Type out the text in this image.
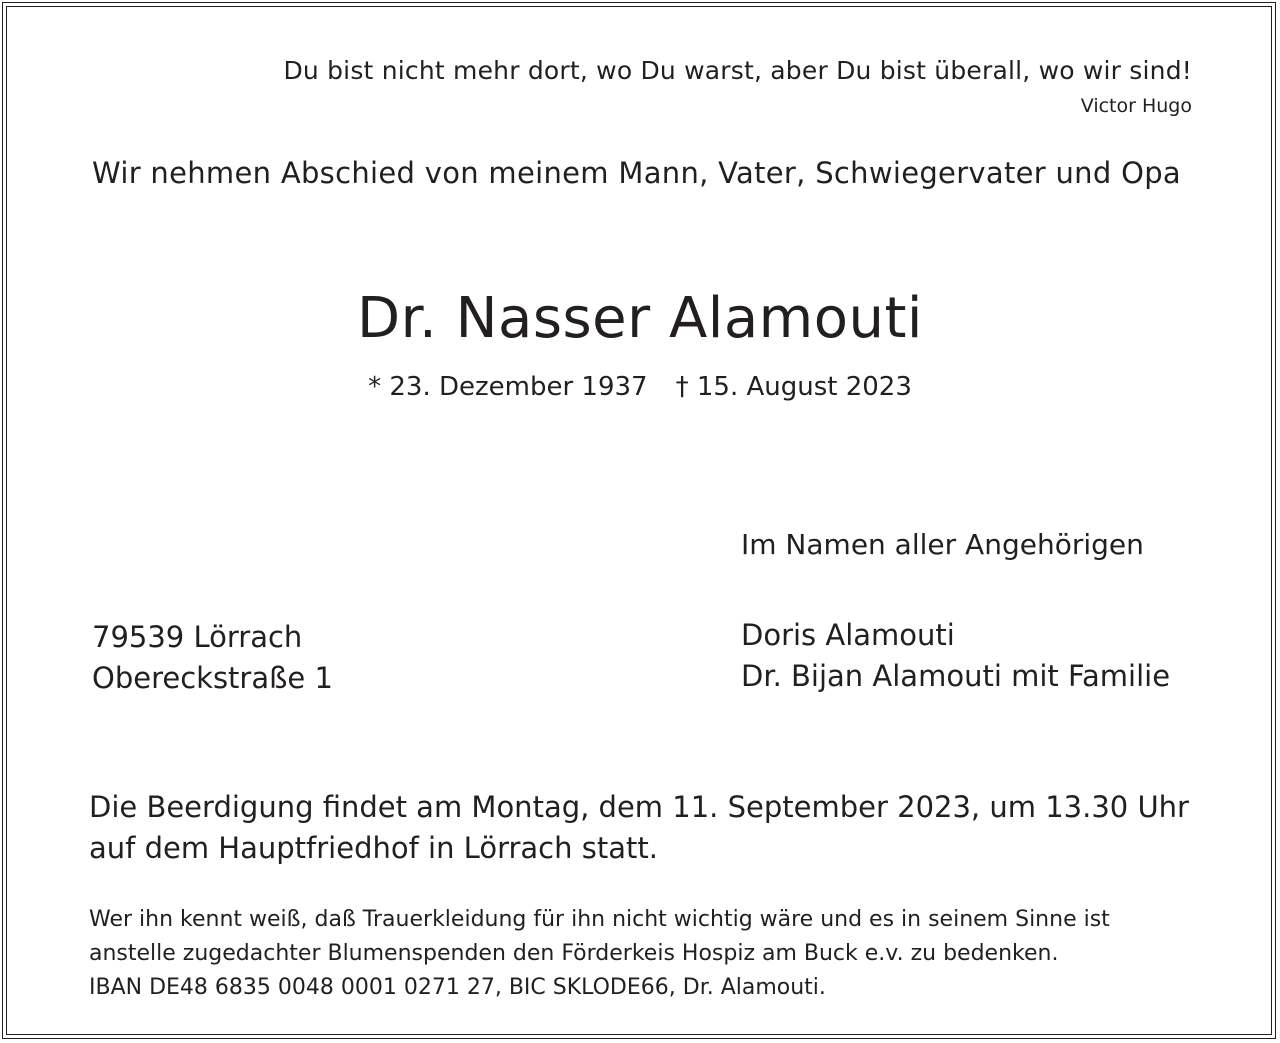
Du bist nicht mehr dort, wo Du warst, aber Du bist überall, wo wir sind!
Victor Hugo
Wir nehmen Abschied von meinem Mann, Vater, Schwiegervater und Opa
Dr. Nasser Alamouti
* 23. Dezember 1937 † 15. August 2023
Im Namen aller Angehörigen
79539 Lörrach
Obereckstraße 1
Doris Alamouti
Dr. Bijan Alamouti mit Familie
Die Beerdigung findet am Montag, dem 11. September 2023, um 13.30 Uhr
auf dem Hauptfriedhof in Lörrach statt.
Wer ihn kennt weiß, daß Trauerkleidung für ihn nicht wichtig wäre und es in seinem Sinne ist
anstelle zugedachter Blumenspenden den Förderkeis Hospiz am Buck e.v. zu bedenken.
IBAN DE48 6835 0048 0001 0271 27, BIC SKLODE66, Dr. Alamouti.
